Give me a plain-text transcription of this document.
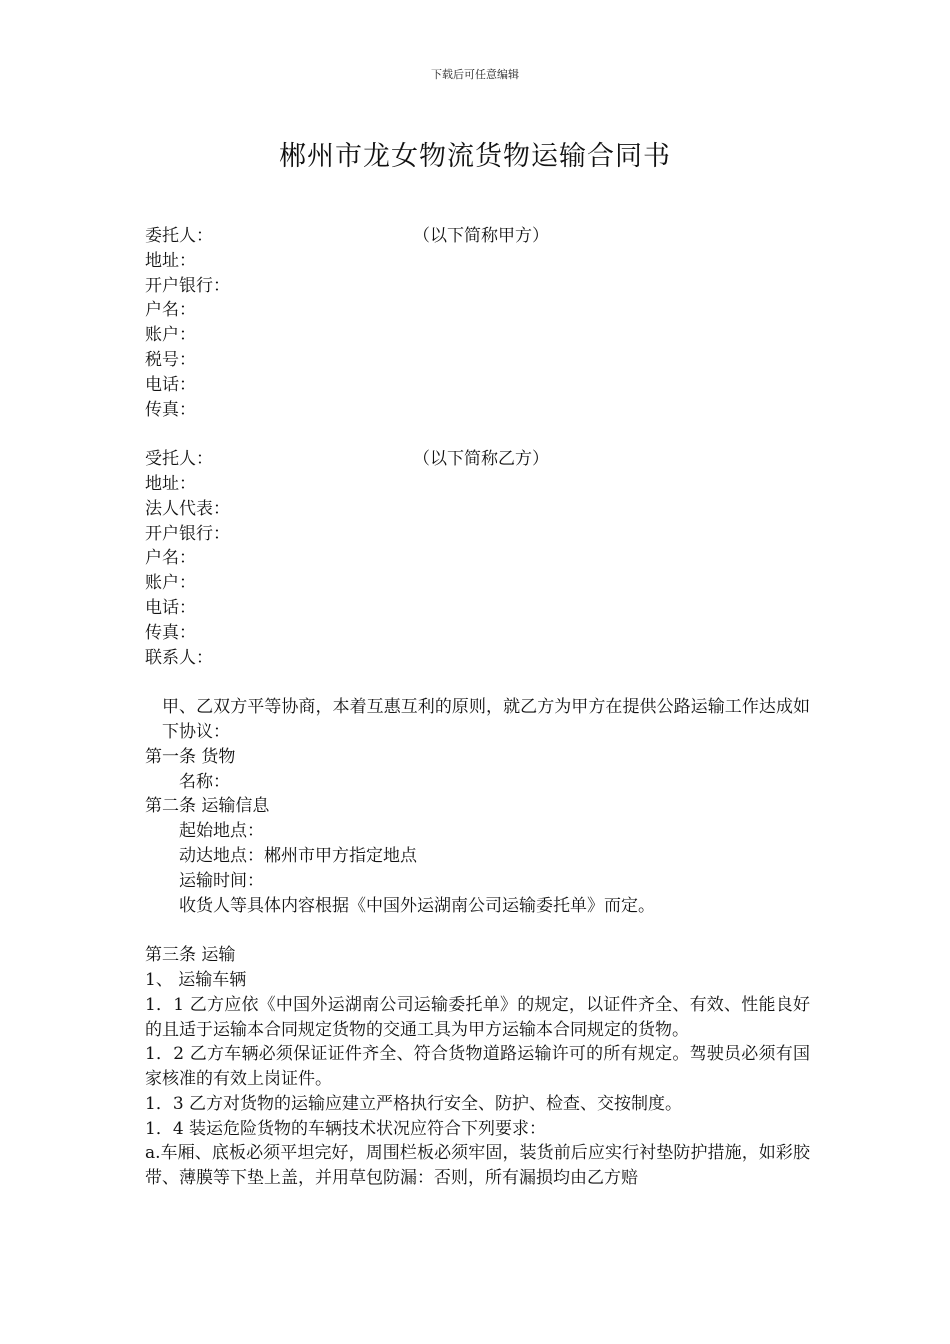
下载后可任意编辑
郴州市龙女物流货物运输合同书
委托人：	（以下简称甲方）
地址：
开户银行：
户名：
账户：
税号：
电话：
传真：
受托人：	（以下简称乙方）
地址：
法人代表：
开户银行：
户名：
账户：
电话：
传真：
联系人：
甲、乙双方平等协商，本着互惠互利的原则，就乙方为甲方在提供公路运输工作达成如下协议：
第一条 货物
名称：
第二条 运输信息
起始地点：
动达地点：郴州市甲方指定地点
运输时间：
收货人等具体内容根据《中国外运湖南公司运输委托单》而定。
第三条 运输
1、 运输车辆
1．1 乙方应依《中国外运湖南公司运输委托单》的规定，以证件齐全、有效、性能良好的且适于运输本合同规定货物的交通工具为甲方运输本合同规定的货物。
1．2 乙方车辆必须保证证件齐全、符合货物道路运输许可的所有规定。驾驶员必须有国家核准的有效上岗证件。
1．3 乙方对货物的运输应建立严格执行安全、防护、检查、交按制度。
1．4 装运危险货物的车辆技术状况应符合下列要求：
a.车厢、底板必须平坦完好，周围栏板必须牢固，装货前后应实行衬垫防护措施，如彩胶带、薄膜等下垫上盖，并用草包防漏：否则，所有漏损均由乙方赔
